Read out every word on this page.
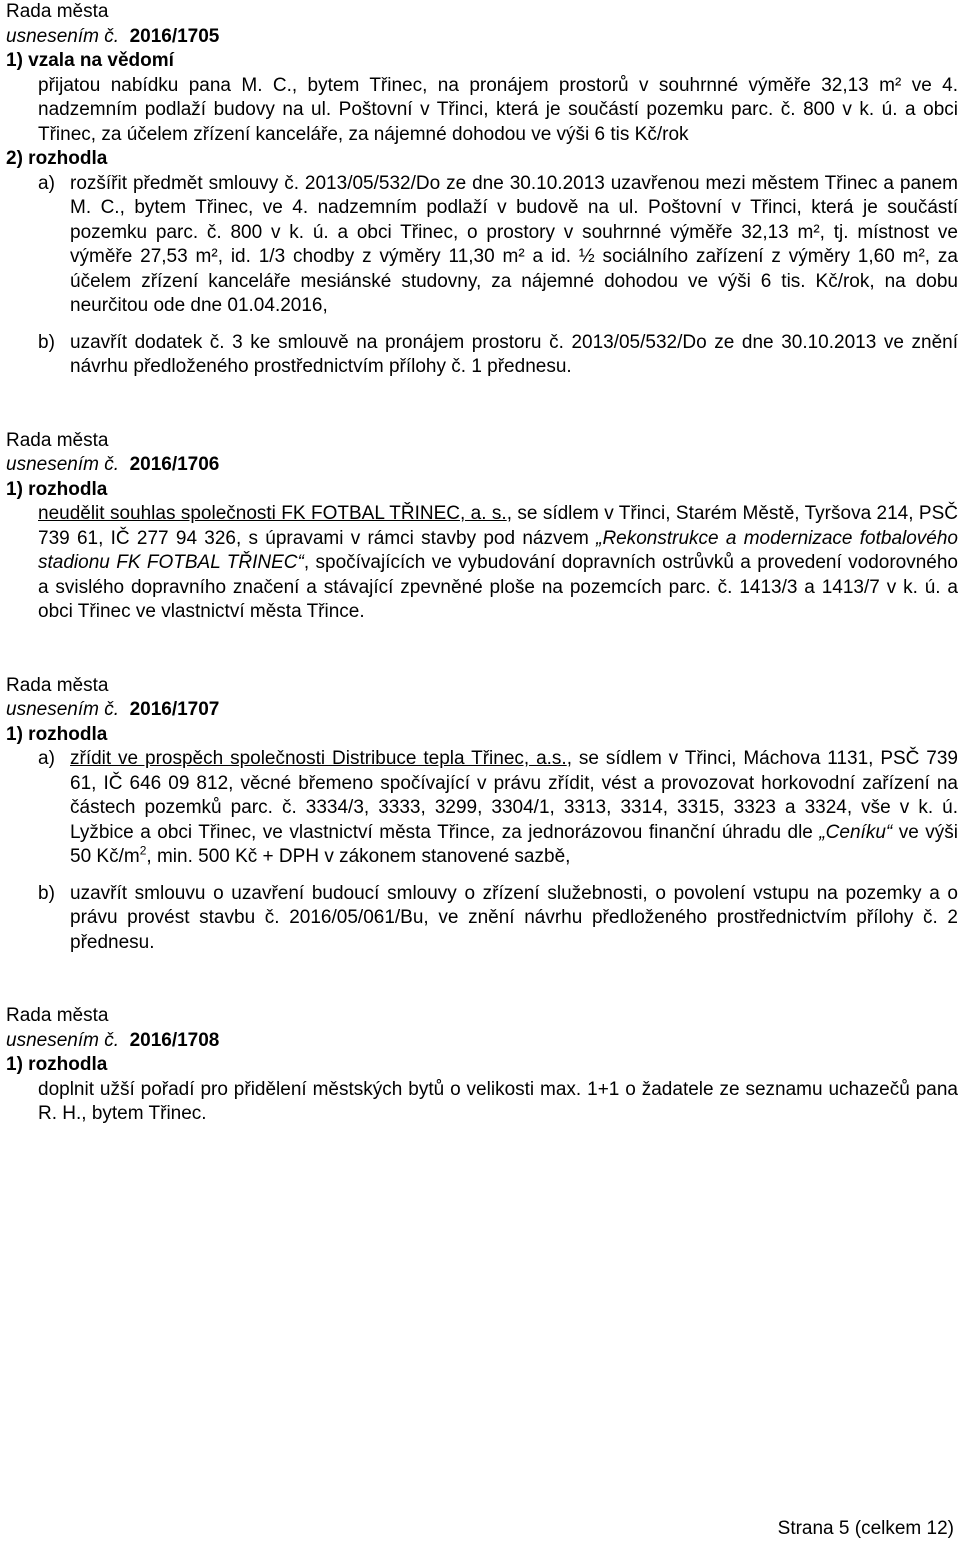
Rada města
usnesením č. 2016/1705
1) vzala na vědomí
přijatou nabídku pana M. C., bytem Třinec, na pronájem prostorů v souhrnné výměře 32,13 m² ve 4. nadzemním podlaží budovy na ul. Poštovní v Třinci, která je součástí pozemku parc. č. 800 v k. ú. a obci Třinec, za účelem zřízení kanceláře, za nájemné dohodou ve výši 6 tis Kč/rok
2) rozhodla
a) rozšířit předmět smlouvy č. 2013/05/532/Do ze dne 30.10.2013 uzavřenou mezi městem Třinec a panem M. C., bytem Třinec, ve 4. nadzemním podlaží v budově na ul. Poštovní v Třinci, která je součástí pozemku parc. č. 800 v k. ú. a obci Třinec, o prostory v souhrnné výměře 32,13 m², tj. místnost ve výměře 27,53 m², id. 1/3 chodby z výměry 11,30 m² a id. ½ sociálního zařízení z výměry 1,60 m², za účelem zřízení kanceláře mesiánské studovny, za nájemné dohodou ve výši 6 tis. Kč/rok, na dobu neurčitou ode dne 01.04.2016,
b) uzavřít dodatek č. 3 ke smlouvě na pronájem prostoru č. 2013/05/532/Do ze dne 30.10.2013 ve znění návrhu předloženého prostřednictvím přílohy č. 1 přednesu.
Rada města
usnesením č. 2016/1706
1) rozhodla
neudělit souhlas společnosti FK FOTBAL TŘINEC, a. s., se sídlem v Třinci, Starém Městě, Tyršova 214, PSČ 739 61, IČ 277 94 326, s úpravami v rámci stavby pod názvem „Rekonstrukce a modernizace fotbalového stadionu FK FOTBAL TŘINEC“, spočívajících ve vybudování dopravních ostrůvků a provedení vodorovného a svislého dopravního značení a stávající zpevněné ploše na pozemcích parc. č. 1413/3 a 1413/7 v k. ú. a obci Třinec ve vlastnictví města Třince.
Rada města
usnesením č. 2016/1707
1) rozhodla
a) zřídit ve prospěch společnosti Distribuce tepla Třinec, a.s., se sídlem v Třinci, Máchova 1131, PSČ 739 61, IČ 646 09 812, věcné břemeno spočívající v právu zřídit, vést a provozovat horkovodní zařízení na částech pozemků parc. č. 3334/3, 3333, 3299, 3304/1, 3313, 3314, 3315, 3323 a 3324, vše v k. ú. Lyžbice a obci Třinec, ve vlastnictví města Třince, za jednorázovou finanční úhradu dle „Ceníku“ ve výši 50 $Kč/m^2$, min. 500 Kč + DPH v zákonem stanovené sazbě,
b) uzavřít smlouvu o uzavření budoucí smlouvy o zřízení služebnosti, o povolení vstupu na pozemky a o právu provést stavbu č. 2016/05/061/Bu, ve znění návrhu předloženého prostřednictvím přílohy č. 2 přednesu.
Rada města
usnesením č. 2016/1708
1) rozhodla
doplnit užší pořadí pro přidělení městských bytů o velikosti max. 1+1 o žadatele ze seznamu uchazečů pana R. H., bytem Třinec.
Strana 5 (celkem 12)
